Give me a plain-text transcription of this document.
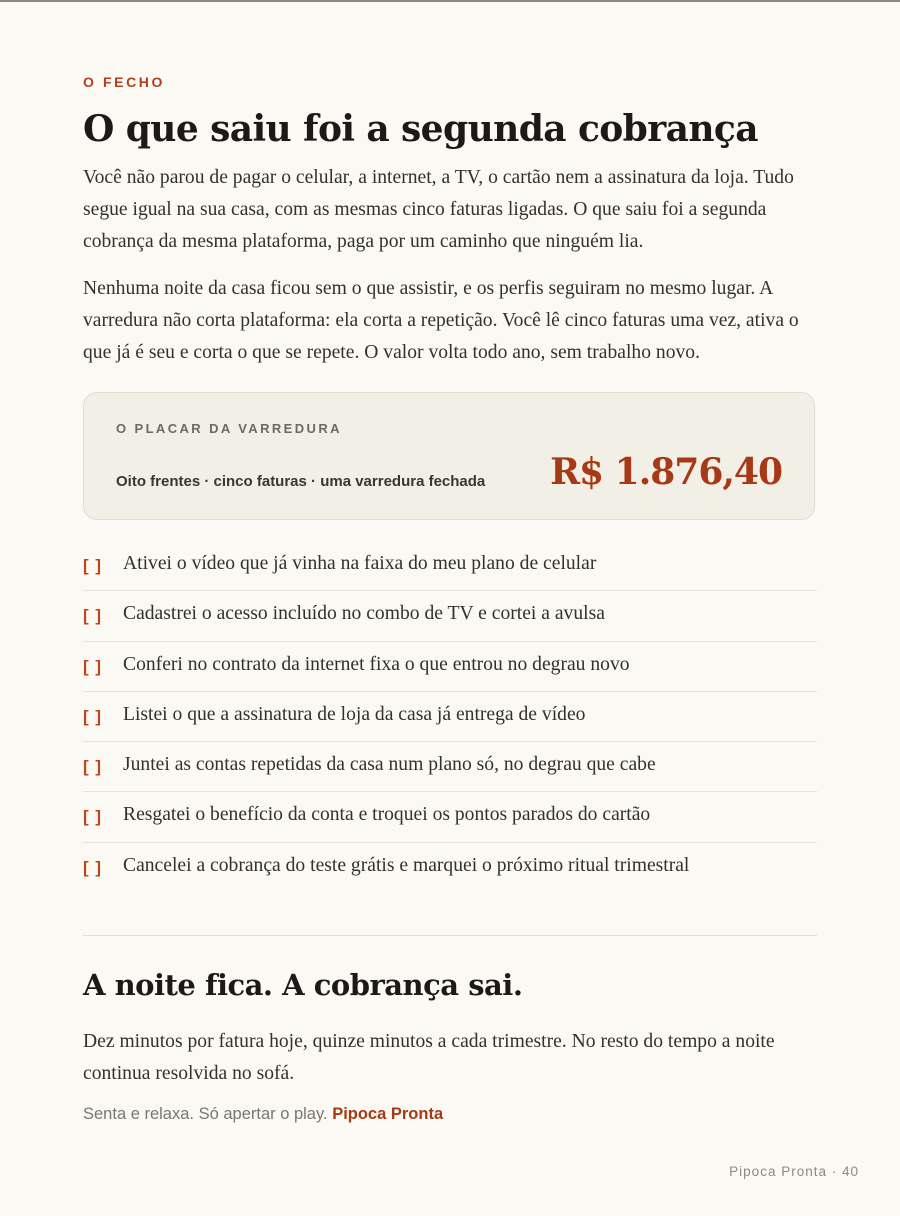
O FECHO
O que saiu foi a segunda cobrança

Você não parou de pagar o celular, a internet, a TV, o cartão nem a assinatura da loja. Tudo segue igual na sua casa, com as mesmas cinco faturas ligadas. O que saiu foi a segunda cobrança da mesma plataforma, paga por um caminho que ninguém lia.

Nenhuma noite da casa ficou sem o que assistir, e os perfis seguiram no mesmo lugar. A varredura não corta plataforma: ela corta a repetição. Você lê cinco faturas uma vez, ativa o que já é seu e corta o que se repete. O valor volta todo ano, sem trabalho novo.

O PLACAR DA VARREDURA
Oito frentes · cinco faturas · uma varredura fechada R$ 1.876,40
[ ] Ativei o vídeo que já vinha na faixa do meu plano de celular
[ ] Cadastrei o acesso incluído no combo de TV e cortei a avulsa
[ ] Conferi no contrato da internet fixa o que entrou no degrau novo
[ ] Listei o que a assinatura de loja da casa já entrega de vídeo
[ ] Juntei as contas repetidas da casa num plano só, no degrau que cabe
[ ] Resgatei o benefício da conta e troquei os pontos parados do cartão
[ ] Cancelei a cobrança do teste grátis e marquei o próximo ritual trimestral
A noite fica. A cobrança sai.

Dez minutos por fatura hoje, quinze minutos a cada trimestre. No resto do tempo a noite continua resolvida no sofá.

Senta e relaxa. Só apertar o play. Pipoca Pronta
Pipoca Pronta · 40
